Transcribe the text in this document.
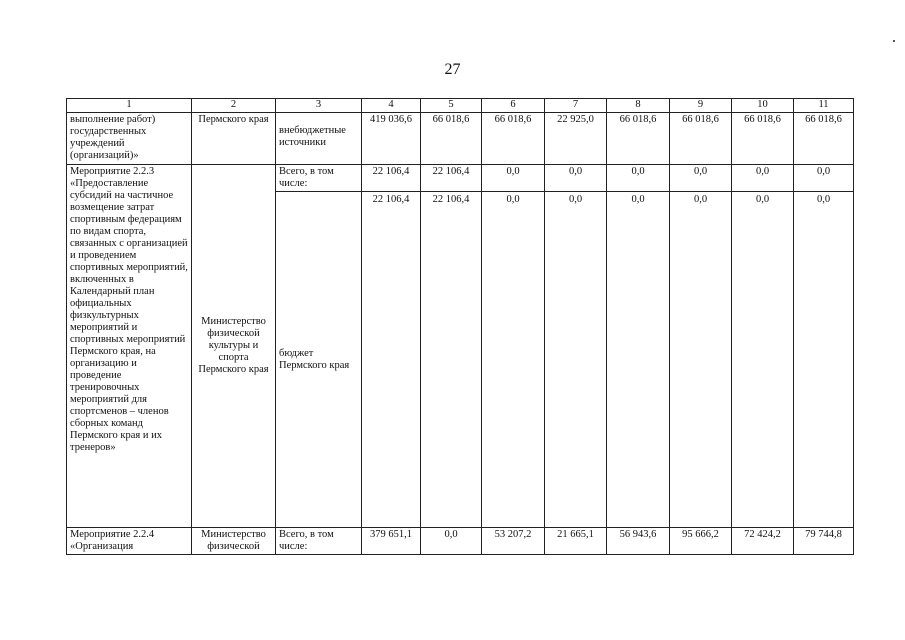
27
1	2	3	4	5	6	7	8	9	10	11
выполнение работ) государственных учреждений (организаций)»	Пермского края	внебюджетные источники	419 036,6	66 018,6	66 018,6	22 925,0	66 018,6	66 018,6	66 018,6	66 018,6
Мероприятие 2.2.3 «Предоставление субсидий на частичное возмещение затрат спортивным федерациям по видам спорта, связанных с организацией и проведением спортивных мероприятий, включенных в Календарный план официальных физкультурных мероприятий и спортивных мероприятий Пермского края, на организацию и проведение тренировочных мероприятий для спортсменов – членов сборных команд Пермского края и их тренеров»	Министерство физической культуры и спорта Пермского края	Всего, в том числе:	22 106,4	22 106,4	0,0	0,0	0,0	0,0	0,0	0,0
		бюджет Пермского края	22 106,4	22 106,4	0,0	0,0	0,0	0,0	0,0	0,0
Мероприятие 2.2.4 «Организация	Министерство физической	Всего, в том числе:	379 651,1	0,0	53 207,2	21 665,1	56 943,6	95 666,2	72 424,2	79 744,8
